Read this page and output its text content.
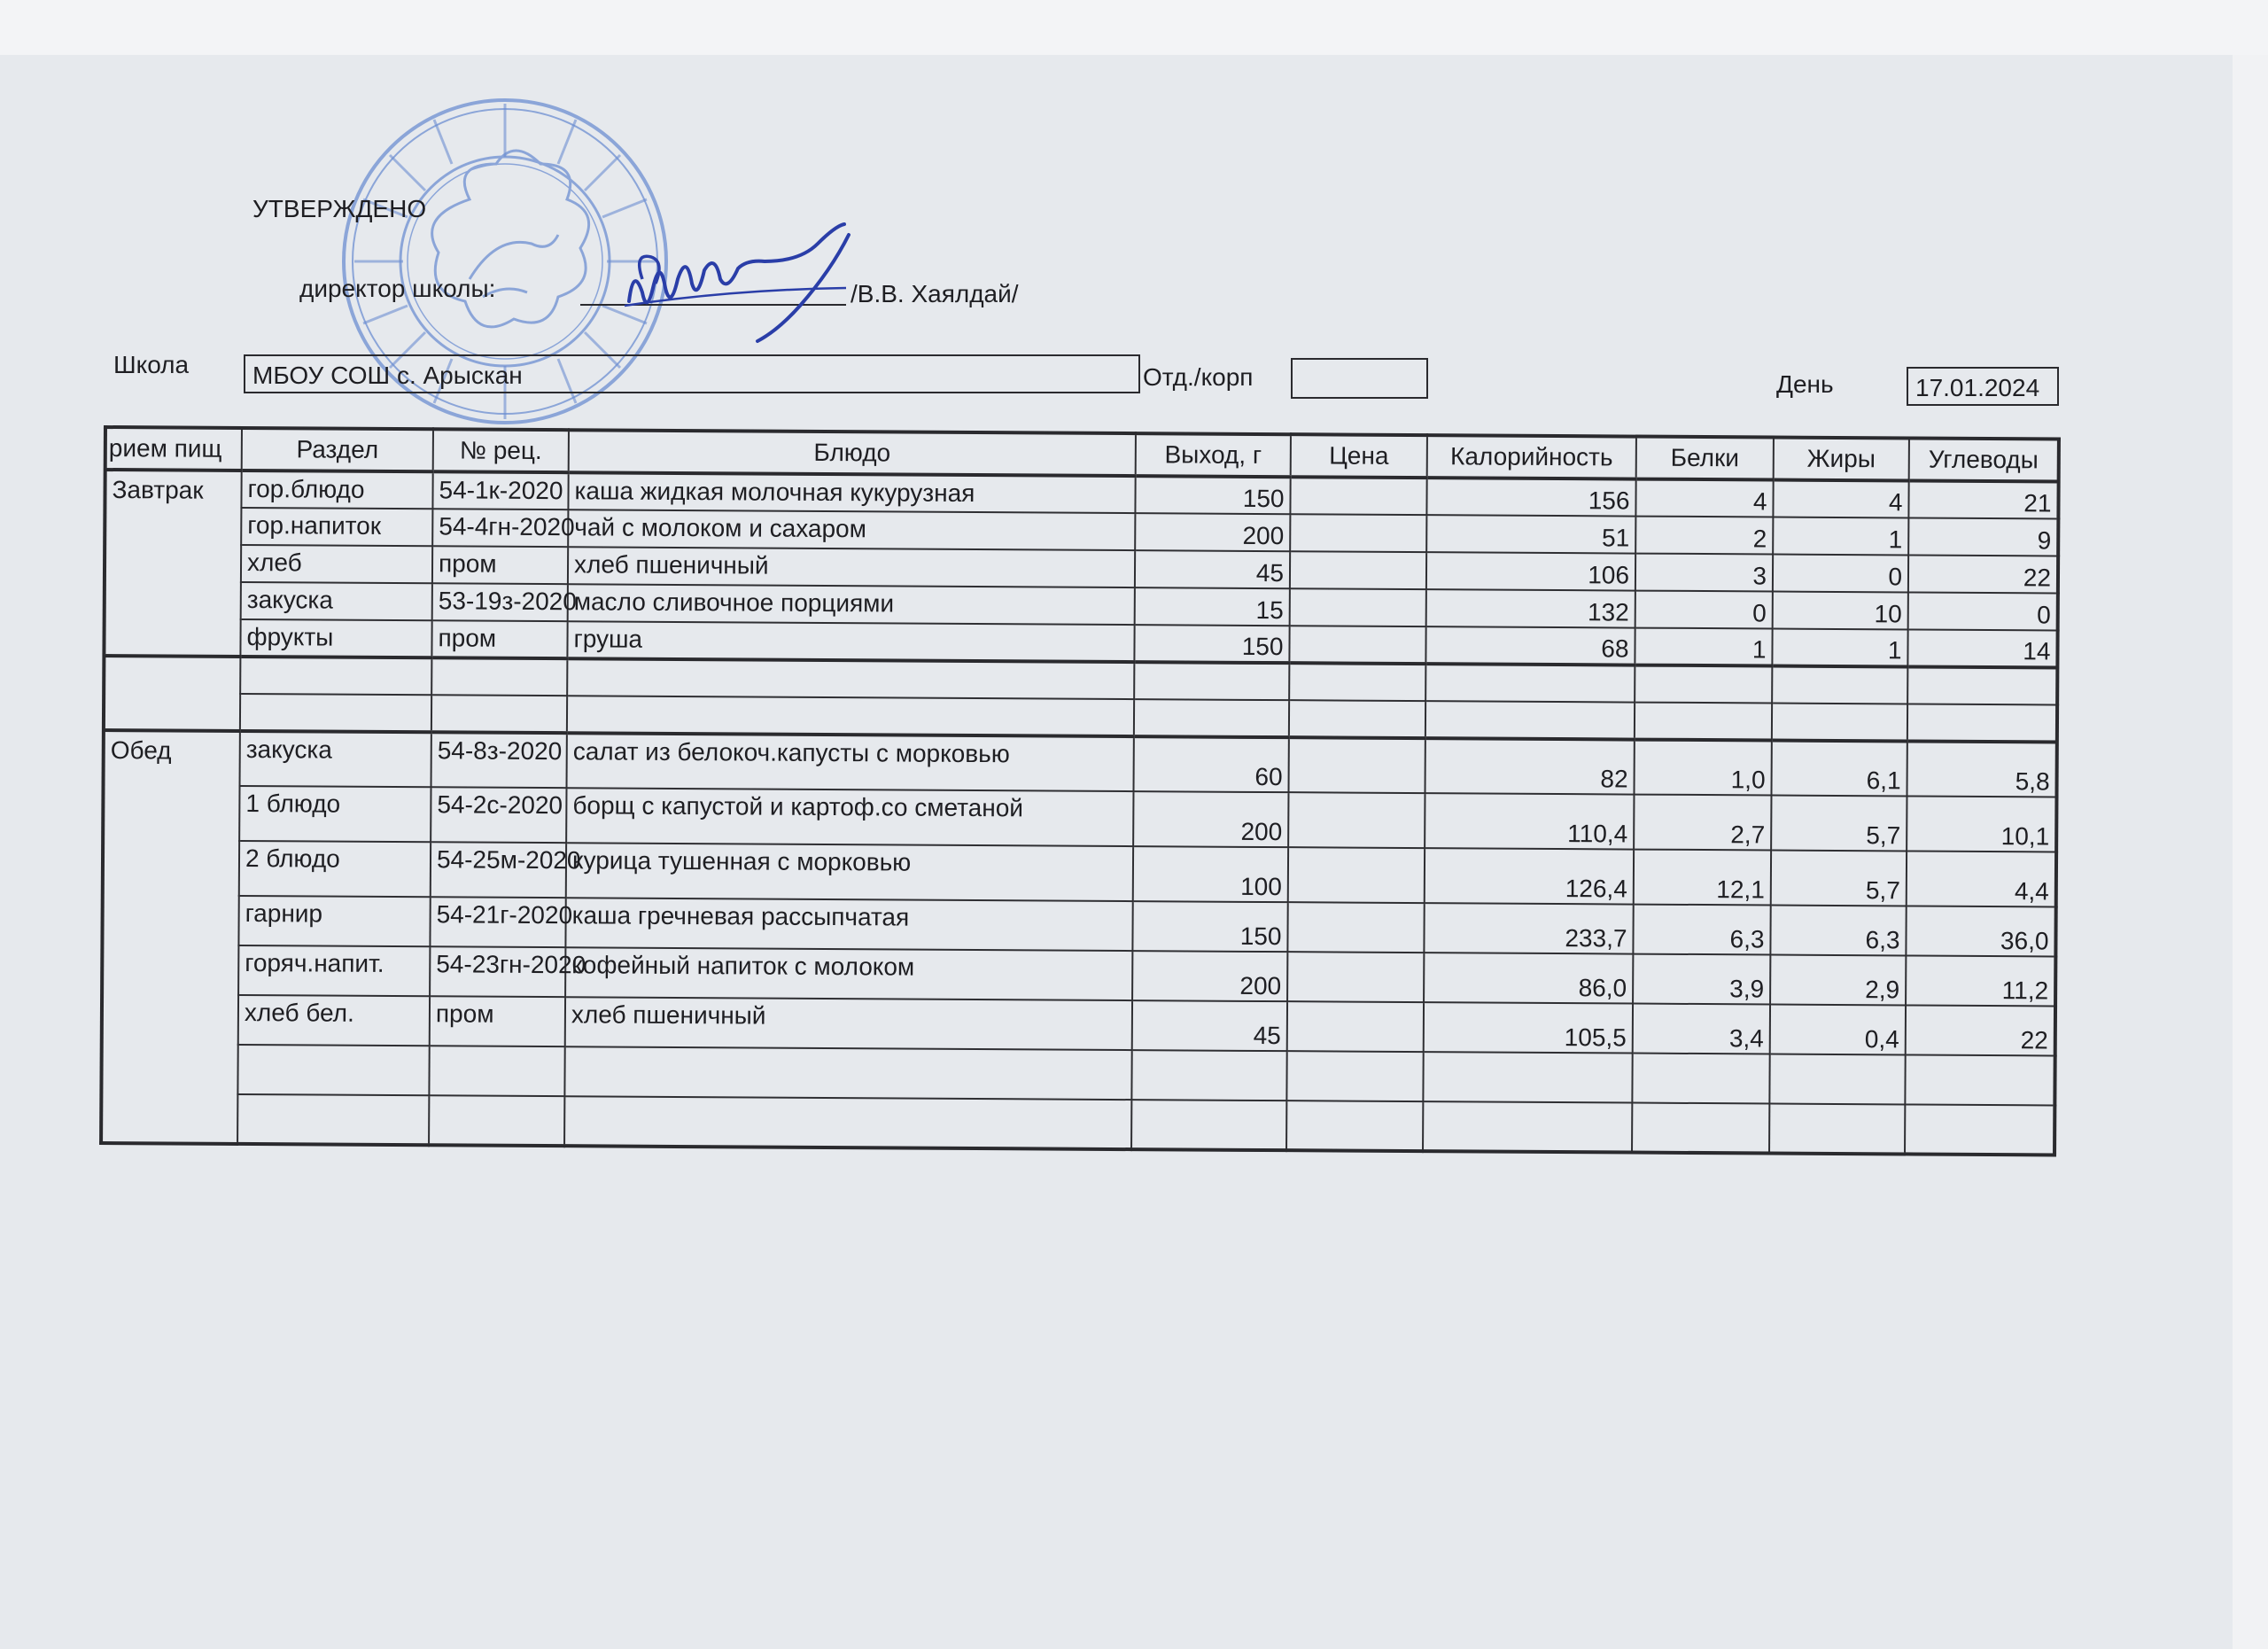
УТВЕРЖДЕНО
директор школы:	/В.В. Хаялдай/
Школа	МБОУ СОШ с. Арыскан	Отд./корп	День	17.01.2024
рием пищ	Раздел	№ рец.	Блюдо	Выход, г	Цена	Калорийность	Белки	Жиры	Углеводы
Завтрак	гор.блюдо	54-1к-2020	каша жидкая молочная кукурузная	150		156	4	4	21
	гор.напиток	54-4гн-2020	чай с молоком и сахаром	200		51	2	1	9
	хлеб	пром	хлеб пшеничный	45		106	3	0	22
	закуска	53-19з-2020	масло сливочное порциями	15		132	0	10	0
	фрукты	пром	груша	150		68	1	1	14

Обед	закуска	54-8з-2020	салат из белокоч.капусты с морковью	60		82	1,0	6,1	5,8
	1 блюдо	54-2с-2020	борщ с капустой и картоф.со сметаной	200		110,4	2,7	5,7	10,1
	2 блюдо	54-25м-2020	курица тушенная с морковью	100		126,4	12,1	5,7	4,4
	гарнир	54-21г-2020	каша гречневая рассыпчатая	150		233,7	6,3	6,3	36,0
	горяч.напит.	54-23гн-2020	кофейный напиток с молоком	200		86,0	3,9	2,9	11,2
	хлеб бел.	пром	хлеб пшеничный	45		105,5	3,4	0,4	22
